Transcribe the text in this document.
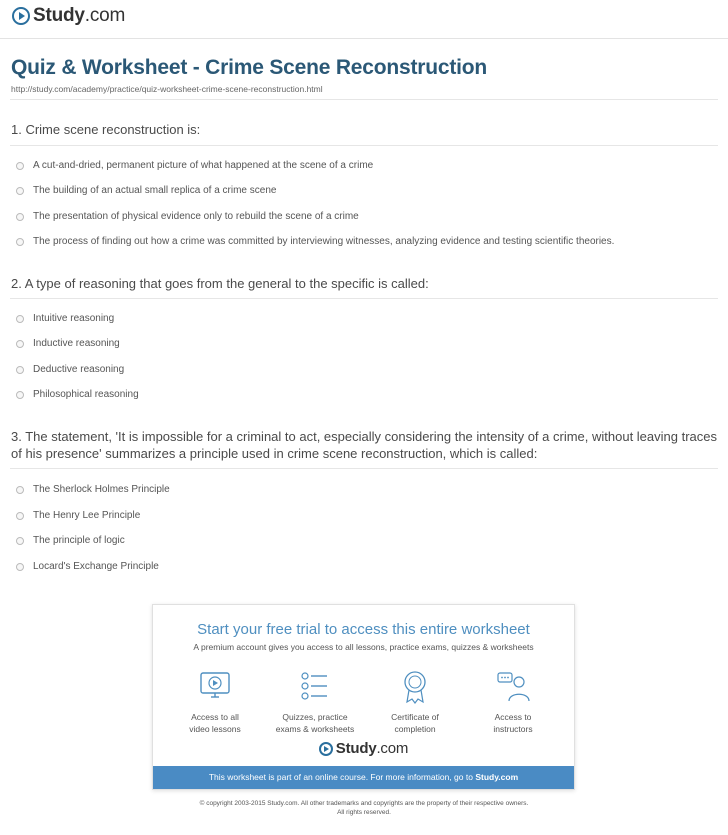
Study.com
Quiz & Worksheet - Crime Scene Reconstruction
http://study.com/academy/practice/quiz-worksheet-crime-scene-reconstruction.html
1. Crime scene reconstruction is:
A cut-and-dried, permanent picture of what happened at the scene of a crime
The building of an actual small replica of a crime scene
The presentation of physical evidence only to rebuild the scene of a crime
The process of finding out how a crime was committed by interviewing witnesses, analyzing evidence and testing scientific theories.
2. A type of reasoning that goes from the general to the specific is called:
Intuitive reasoning
Inductive reasoning
Deductive reasoning
Philosophical reasoning
3. The statement, 'It is impossible for a criminal to act, especially considering the intensity of a crime, without leaving traces of his presence' summarizes a principle used in crime scene reconstruction, which is called:
The Sherlock Holmes Principle
The Henry Lee Principle
The principle of logic
Locard's Exchange Principle
Start your free trial to access this entire worksheet
A premium account gives you access to all lessons, practice exams, quizzes & worksheets
Access to all
video lessons
Quizzes, practice
exams & worksheets
Certificate of
completion
Access to
instructors
Study.com
This worksheet is part of an online course. For more information, go to Study.com
© copyright 2003-2015 Study.com. All other trademarks and copyrights are the property of their respective owners.
All rights reserved.
